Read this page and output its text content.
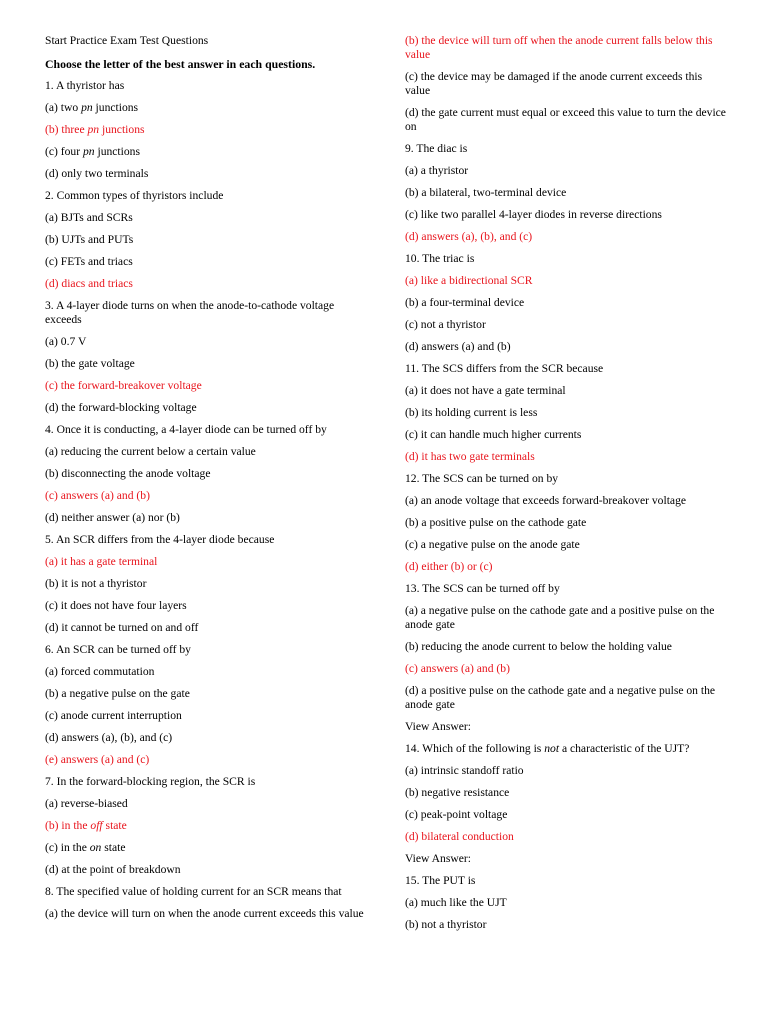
Start Practice Exam Test Questions

Choose the letter of the best answer in each questions.

1. A thyristor has

(a) two pn junctions

(b) three pn junctions

(c) four pn junctions

(d) only two terminals

2. Common types of thyristors include

(a) BJTs and SCRs

(b) UJTs and PUTs

(c) FETs and triacs

(d) diacs and triacs

3. A 4-layer diode turns on when the anode-to-cathode voltage exceeds

(a) 0.7 V

(b) the gate voltage

(c) the forward-breakover voltage

(d) the forward-blocking voltage

4. Once it is conducting, a 4-layer diode can be turned off by

(a) reducing the current below a certain value

(b) disconnecting the anode voltage

(c) answers (a) and (b)

(d) neither answer (a) nor (b)

5. An SCR differs from the 4-layer diode because

(a) it has a gate terminal

(b) it is not a thyristor

(c) it does not have four layers

(d) it cannot be turned on and off

6. An SCR can be turned off by

(a) forced commutation

(b) a negative pulse on the gate

(c) anode current interruption

(d) answers (a), (b), and (c)

(e) answers (a) and (c)

7. In the forward-blocking region, the SCR is

(a) reverse-biased

(b) in the off state

(c) in the on state

(d) at the point of breakdown

8. The specified value of holding current for an SCR means that

(a) the device will turn on when the anode current exceeds this value

(b) the device will turn off when the anode current falls below this value

(c) the device may be damaged if the anode current exceeds this value

(d) the gate current must equal or exceed this value to turn the device on

9. The diac is

(a) a thyristor

(b) a bilateral, two-terminal device

(c) like two parallel 4-layer diodes in reverse directions

(d) answers (a), (b), and (c)

10. The triac is

(a) like a bidirectional SCR

(b) a four-terminal device

(c) not a thyristor

(d) answers (a) and (b)

11. The SCS differs from the SCR because

(a) it does not have a gate terminal

(b) its holding current is less

(c) it can handle much higher currents

(d) it has two gate terminals

12. The SCS can be turned on by

(a) an anode voltage that exceeds forward-breakover voltage

(b) a positive pulse on the cathode gate

(c) a negative pulse on the anode gate

(d) either (b) or (c)

13. The SCS can be turned off by

(a) a negative pulse on the cathode gate and a positive pulse on the anode gate

(b) reducing the anode current to below the holding value

(c) answers (a) and (b)

(d) a positive pulse on the cathode gate and a negative pulse on the anode gate

View Answer:

14. Which of the following is not a characteristic of the UJT?

(a) intrinsic standoff ratio

(b) negative resistance

(c) peak-point voltage

(d) bilateral conduction

View Answer:

15. The PUT is

(a) much like the UJT

(b) not a thyristor
